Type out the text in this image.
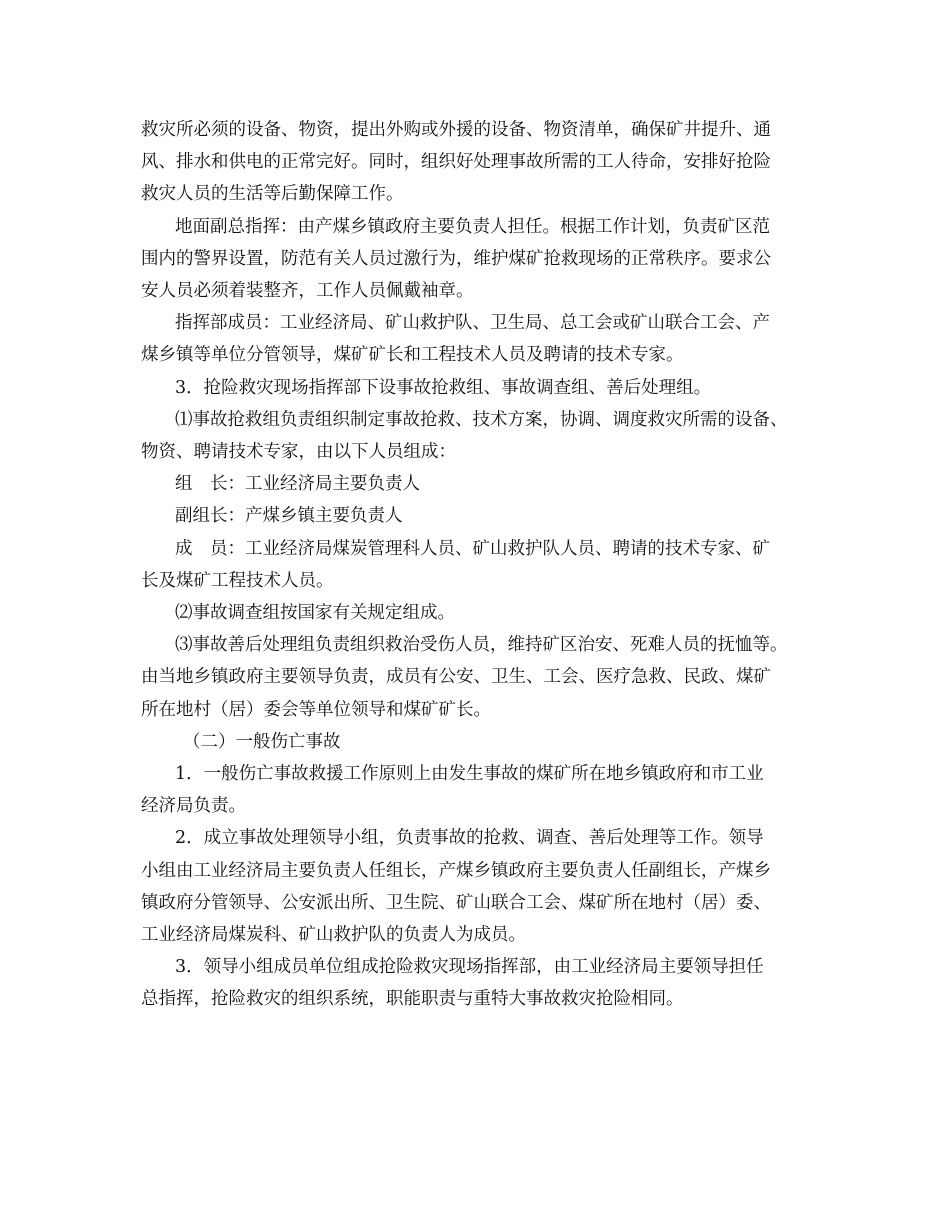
救灾所必须的设备、物资，提出外购或外援的设备、物资清单，确保矿井提升、通
风、排水和供电的正常完好。同时，组织好处理事故所需的工人待命，安排好抢险
救灾人员的生活等后勤保障工作。

地面副总指挥：由产煤乡镇政府主要负责人担任。根据工作计划，负责矿区范
围内的警界设置，防范有关人员过激行为，维护煤矿抢救现场的正常秩序。要求公
安人员必须着装整齐，工作人员佩戴袖章。

指挥部成员：工业经济局、矿山救护队、卫生局、总工会或矿山联合工会、产
煤乡镇等单位分管领导，煤矿矿长和工程技术人员及聘请的技术专家。

3．抢险救灾现场指挥部下设事故抢救组、事故调查组、善后处理组。

⑴事故抢救组负责组织制定事故抢救、技术方案，协调、调度救灾所需的设备、
物资、聘请技术专家，由以下人员组成：

组　长：工业经济局主要负责人

副组长：产煤乡镇主要负责人

成　员：工业经济局煤炭管理科人员、矿山救护队人员、聘请的技术专家、矿
长及煤矿工程技术人员。

⑵事故调查组按国家有关规定组成。

⑶事故善后处理组负责组织救治受伤人员，维持矿区治安、死难人员的抚恤等。
由当地乡镇政府主要领导负责，成员有公安、卫生、工会、医疗急救、民政、煤矿
所在地村（居）委会等单位领导和煤矿矿长。

（二）一般伤亡事故

1．一般伤亡事故救援工作原则上由发生事故的煤矿所在地乡镇政府和市工业
经济局负责。

2．成立事故处理领导小组，负责事故的抢救、调查、善后处理等工作。领导
小组由工业经济局主要负责人任组长，产煤乡镇政府主要负责人任副组长，产煤乡
镇政府分管领导、公安派出所、卫生院、矿山联合工会、煤矿所在地村（居）委、
工业经济局煤炭科、矿山救护队的负责人为成员。

3．领导小组成员单位组成抢险救灾现场指挥部，由工业经济局主要领导担任
总指挥，抢险救灾的组织系统，职能职责与重特大事故救灾抢险相同。
